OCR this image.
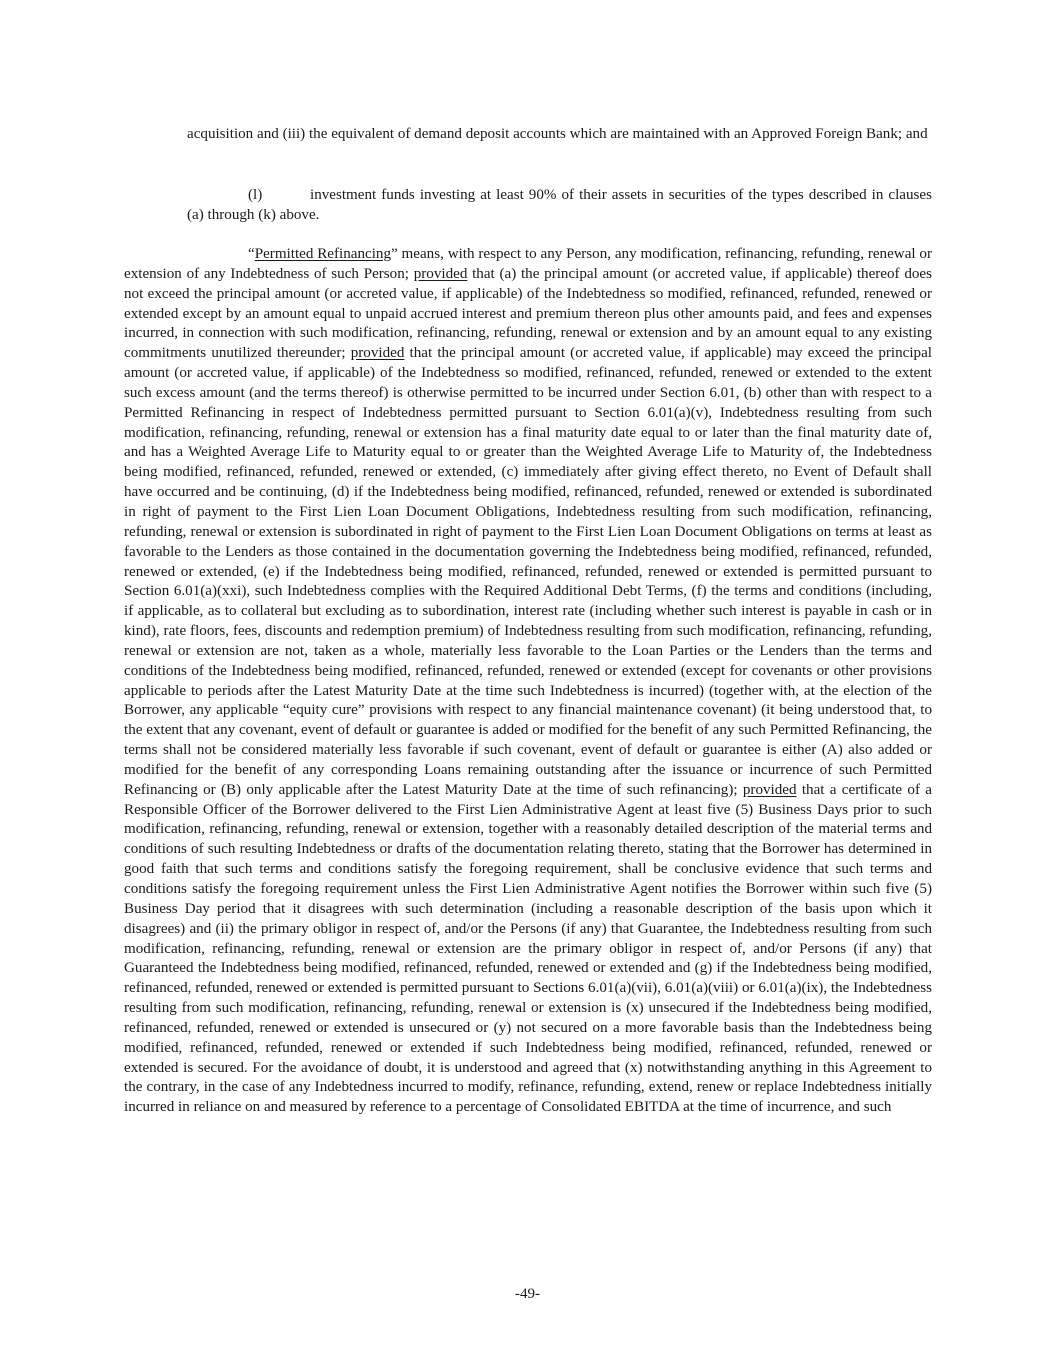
acquisition and (iii) the equivalent of demand deposit accounts which are maintained with an Approved Foreign Bank; and

(l)	investment funds investing at least 90% of their assets in securities of the types described in clauses (a) through (k) above.

“Permitted Refinancing” means, with respect to any Person, any modification, refinancing, refunding, renewal or extension of any Indebtedness of such Person; provided that (a) the principal amount (or accreted value, if applicable) thereof does not exceed the principal amount (or accreted value, if applicable) of the Indebtedness so modified, refinanced, refunded, renewed or extended except by an amount equal to unpaid accrued interest and premium thereon plus other amounts paid, and fees and expenses incurred, in connection with such modification, refinancing, refunding, renewal or extension and by an amount equal to any existing commitments unutilized thereunder; provided that the principal amount (or accreted value, if applicable) may exceed the principal amount (or accreted value, if applicable) of the Indebtedness so modified, refinanced, refunded, renewed or extended to the extent such excess amount (and the terms thereof) is otherwise permitted to be incurred under Section 6.01, (b) other than with respect to a Permitted Refinancing in respect of Indebtedness permitted pursuant to Section 6.01(a)(v), Indebtedness resulting from such modification, refinancing, refunding, renewal or extension has a final maturity date equal to or later than the final maturity date of, and has a Weighted Average Life to Maturity equal to or greater than the Weighted Average Life to Maturity of, the Indebtedness being modified, refinanced, refunded, renewed or extended, (c) immediately after giving effect thereto, no Event of Default shall have occurred and be continuing, (d) if the Indebtedness being modified, refinanced, refunded, renewed or extended is subordinated in right of payment to the First Lien Loan Document Obligations, Indebtedness resulting from such modification, refinancing, refunding, renewal or extension is subordinated in right of payment to the First Lien Loan Document Obligations on terms at least as favorable to the Lenders as those contained in the documentation governing the Indebtedness being modified, refinanced, refunded, renewed or extended, (e) if the Indebtedness being modified, refinanced, refunded, renewed or extended is permitted pursuant to Section 6.01(a)(xxi), such Indebtedness complies with the Required Additional Debt Terms, (f) the terms and conditions (including, if applicable, as to collateral but excluding as to subordination, interest rate (including whether such interest is payable in cash or in kind), rate floors, fees, discounts and redemption premium) of Indebtedness resulting from such modification, refinancing, refunding, renewal or extension are not, taken as a whole, materially less favorable to the Loan Parties or the Lenders than the terms and conditions of the Indebtedness being modified, refinanced, refunded, renewed or extended (except for covenants or other provisions applicable to periods after the Latest Maturity Date at the time such Indebtedness is incurred) (together with, at the election of the Borrower, any applicable “equity cure” provisions with respect to any financial maintenance covenant) (it being understood that, to the extent that any covenant, event of default or guarantee is added or modified for the benefit of any such Permitted Refinancing, the terms shall not be considered materially less favorable if such covenant, event of default or guarantee is either (A) also added or modified for the benefit of any corresponding Loans remaining outstanding after the issuance or incurrence of such Permitted Refinancing or (B) only applicable after the Latest Maturity Date at the time of such refinancing); provided that a certificate of a Responsible Officer of the Borrower delivered to the First Lien Administrative Agent at least five (5) Business Days prior to such modification, refinancing, refunding, renewal or extension, together with a reasonably detailed description of the material terms and conditions of such resulting Indebtedness or drafts of the documentation relating thereto, stating that the Borrower has determined in good faith that such terms and conditions satisfy the foregoing requirement, shall be conclusive evidence that such terms and conditions satisfy the foregoing requirement unless the First Lien Administrative Agent notifies the Borrower within such five (5) Business Day period that it disagrees with such determination (including a reasonable description of the basis upon which it disagrees) and (ii) the primary obligor in respect of, and/or the Persons (if any) that Guarantee, the Indebtedness resulting from such modification, refinancing, refunding, renewal or extension are the primary obligor in respect of, and/or Persons (if any) that Guaranteed the Indebtedness being modified, refinanced, refunded, renewed or extended and (g) if the Indebtedness being modified, refinanced, refunded, renewed or extended is permitted pursuant to Sections 6.01(a)(vii), 6.01(a)(viii) or 6.01(a)(ix), the Indebtedness resulting from such modification, refinancing, refunding, renewal or extension is (x) unsecured if the Indebtedness being modified, refinanced, refunded, renewed or extended is unsecured or (y) not secured on a more favorable basis than the Indebtedness being modified, refinanced, refunded, renewed or extended if such Indebtedness being modified, refinanced, refunded, renewed or extended is secured. For the avoidance of doubt, it is understood and agreed that (x) notwithstanding anything in this Agreement to the contrary, in the case of any Indebtedness incurred to modify, refinance, refunding, extend, renew or replace Indebtedness initially incurred in reliance on and measured by reference to a percentage of Consolidated EBITDA at the time of incurrence, and such

-49-
